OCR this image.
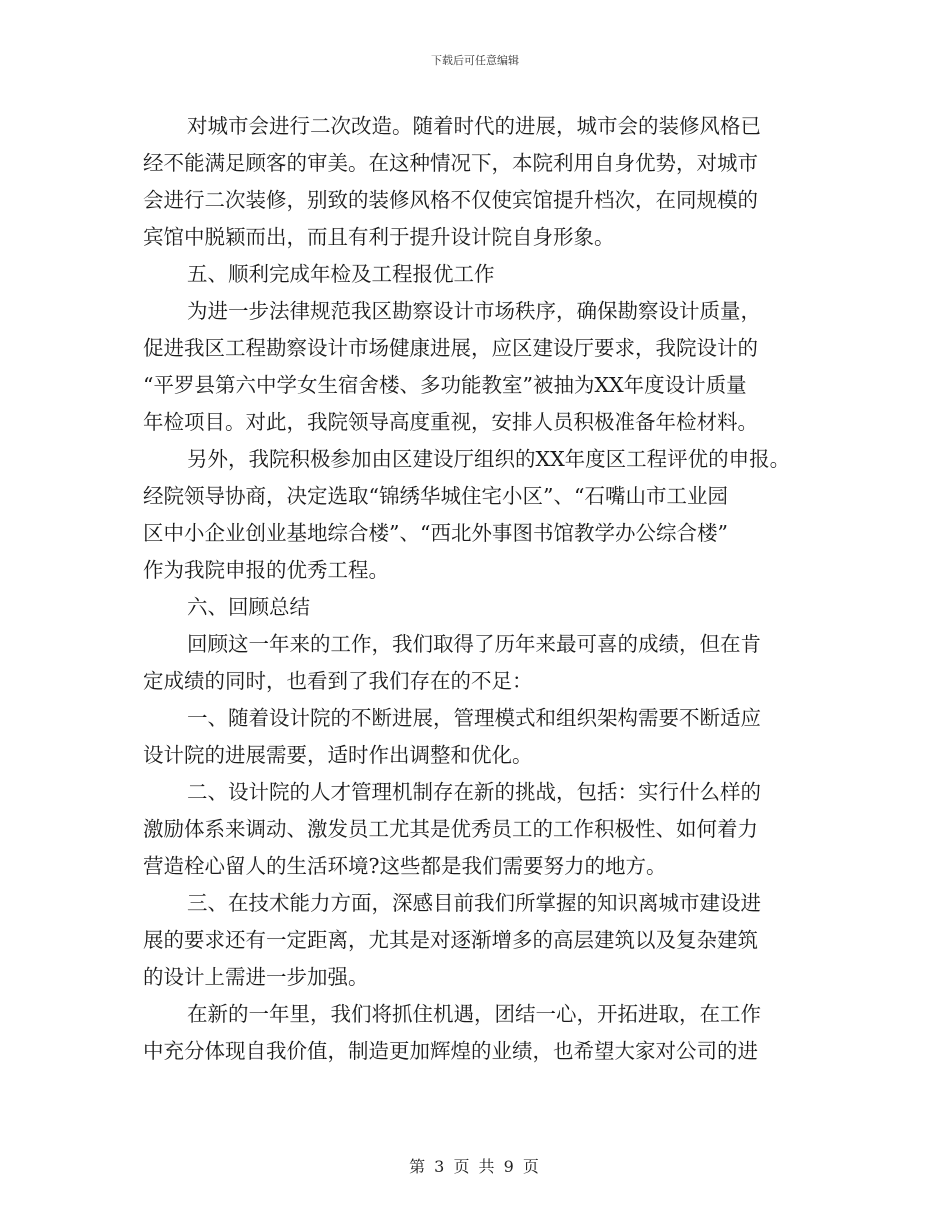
下载后可任意编辑
对城市会进行二次改造。随着时代的进展，城市会的装修风格已
经不能满足顾客的审美。在这种情况下，本院利用自身优势，对城市
会进行二次装修，别致的装修风格不仅使宾馆提升档次，在同规模的
宾馆中脱颖而出，而且有利于提升设计院自身形象。
五、顺利完成年检及工程报优工作
为进一步法律规范我区勘察设计市场秩序，确保勘察设计质量，
促进我区工程勘察设计市场健康进展，应区建设厅要求，我院设计的
“平罗县第六中学女生宿舍楼、多功能教室”被抽为XX年度设计质量
年检项目。对此，我院领导高度重视，安排人员积极准备年检材料。
另外，我院积极参加由区建设厅组织的XX年度区工程评优的申报。
经院领导协商，决定选取“锦绣华城住宅小区”、“石嘴山市工业园
区中小企业创业基地综合楼”、“西北外事图书馆教学办公综合楼”
作为我院申报的优秀工程。
六、回顾总结
回顾这一年来的工作，我们取得了历年来最可喜的成绩，但在肯
定成绩的同时，也看到了我们存在的不足：
一、随着设计院的不断进展，管理模式和组织架构需要不断适应
设计院的进展需要，适时作出调整和优化。
二、设计院的人才管理机制存在新的挑战，包括：实行什么样的
激励体系来调动、激发员工尤其是优秀员工的工作积极性、如何着力
营造栓心留人的生活环境?这些都是我们需要努力的地方。
三、在技术能力方面，深感目前我们所掌握的知识离城市建设进
展的要求还有一定距离，尤其是对逐渐增多的高层建筑以及复杂建筑
的设计上需进一步加强。
在新的一年里，我们将抓住机遇，团结一心，开拓进取，在工作
中充分体现自我价值，制造更加辉煌的业绩，也希望大家对公司的进
第 3 页 共 9 页
